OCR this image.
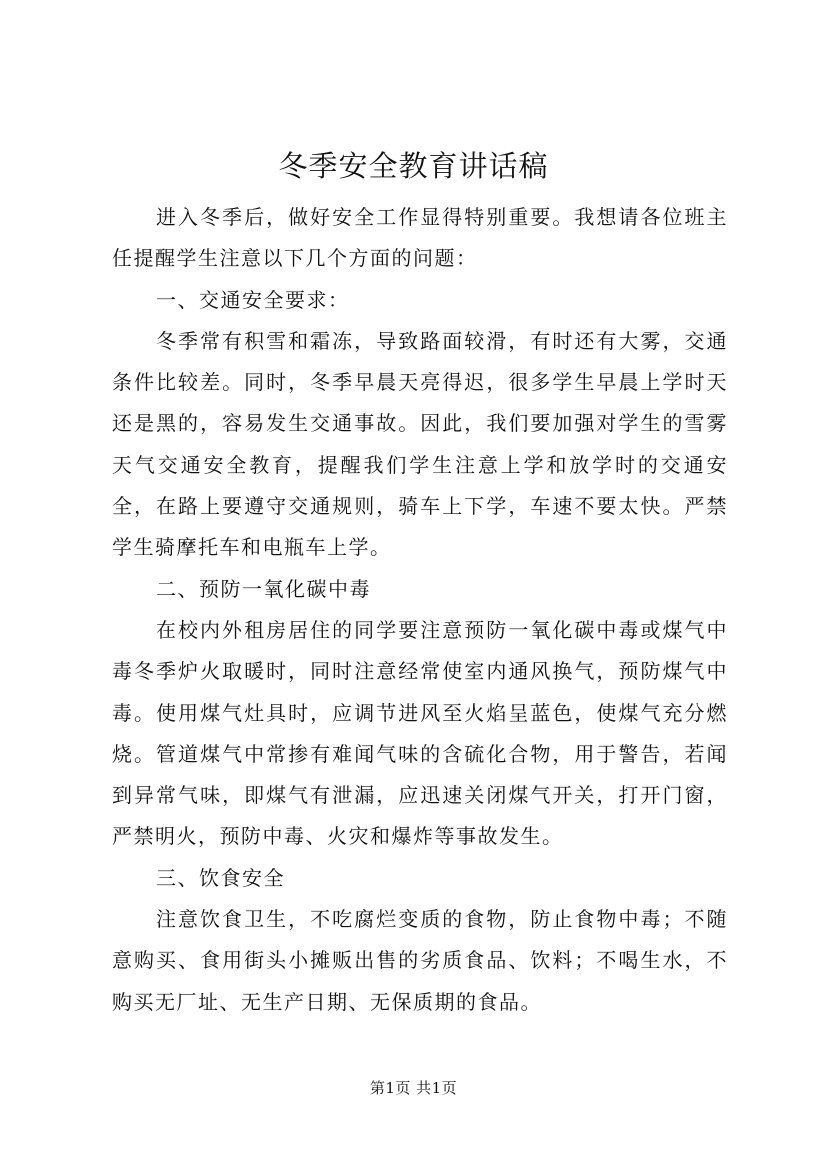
冬季安全教育讲话稿

进入冬季后，做好安全工作显得特别重要。我想请各位班主任提醒学生注意以下几个方面的问题：

一、交通安全要求：

冬季常有积雪和霜冻，导致路面较滑，有时还有大雾，交通条件比较差。同时，冬季早晨天亮得迟，很多学生早晨上学时天还是黑的，容易发生交通事故。因此，我们要加强对学生的雪雾天气交通安全教育，提醒我们学生注意上学和放学时的交通安全，在路上要遵守交通规则，骑车上下学，车速不要太快。严禁学生骑摩托车和电瓶车上学。

二、预防一氧化碳中毒

在校内外租房居住的同学要注意预防一氧化碳中毒或煤气中毒冬季炉火取暖时，同时注意经常使室内通风换气，预防煤气中毒。使用煤气灶具时，应调节进风至火焰呈蓝色，使煤气充分燃烧。管道煤气中常掺有难闻气味的含硫化合物，用于警告，若闻到异常气味，即煤气有泄漏，应迅速关闭煤气开关，打开门窗，严禁明火，预防中毒、火灾和爆炸等事故发生。

三、饮食安全

注意饮食卫生，不吃腐烂变质的食物，防止食物中毒；不随意购买、食用街头小摊贩出售的劣质食品、饮料；不喝生水，不购买无厂址、无生产日期、无保质期的食品。

第1页 共1页
